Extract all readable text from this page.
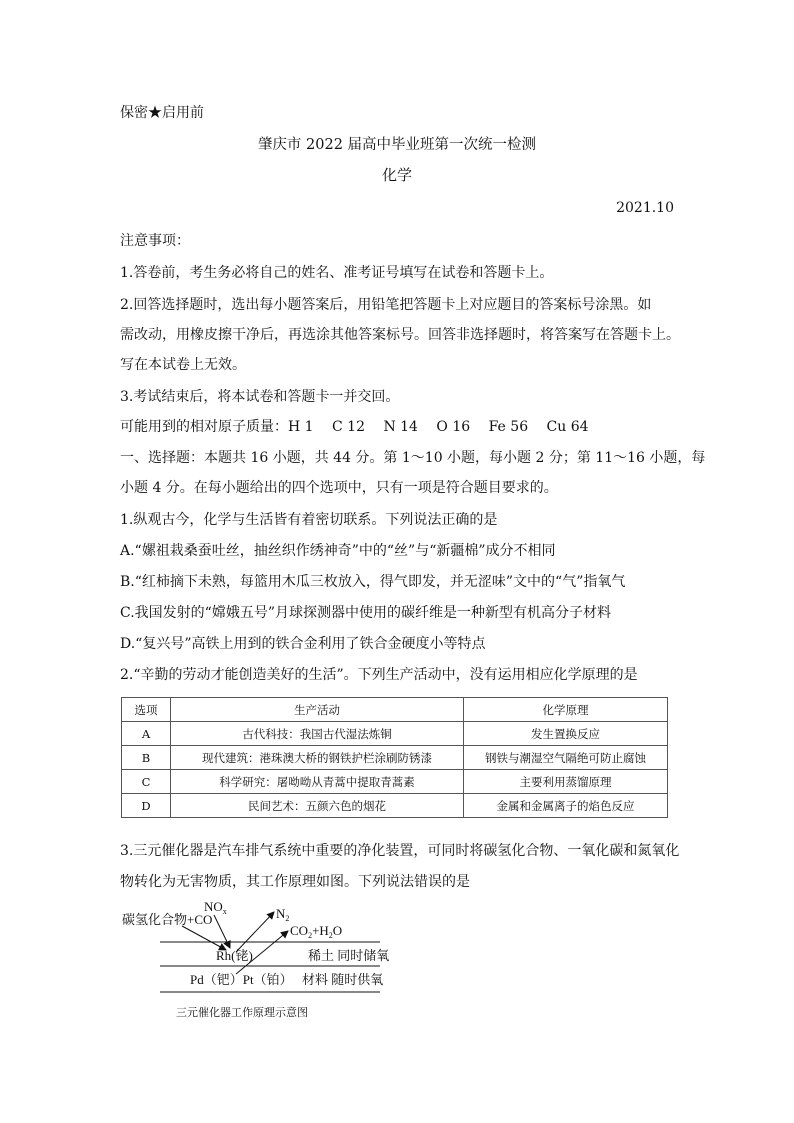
保密★启用前
肇庆市 2022 届高中毕业班第一次统一检测
化学
2021.10
注意事项：
1.答卷前，考生务必将自己的姓名、准考证号填写在试卷和答题卡上。
2.回答选择题时，选出每小题答案后，用铅笔把答题卡上对应题目的答案标号涂黑。如
需改动，用橡皮擦干净后，再选涂其他答案标号。回答非选择题时，将答案写在答题卡上。
写在本试卷上无效。
3.考试结束后，将本试卷和答题卡一并交回。
可能用到的相对原子质量：H 1　 C 12　 N 14　 O 16　 Fe 56　 Cu 64
一、选择题：本题共 16 小题，共 44 分。第 1～10 小题，每小题 2 分；第 11～16 小题，每
小题 4 分。在每小题给出的四个选项中，只有一项是符合题目要求的。
1.纵观古今，化学与生活皆有着密切联系。下列说法正确的是
A.“嫘祖栽桑蚕吐丝，抽丝织作绣神奇”中的“丝”与“新疆棉”成分不相同
B.“红柿摘下未熟，每篮用木瓜三枚放入，得气即发，并无涩味”文中的“气”指氧气
C.我国发射的“嫦娥五号”月球探测器中使用的碳纤维是一种新型有机高分子材料
D.“复兴号”高铁上用到的铁合金利用了铁合金硬度小等特点
2.“辛勤的劳动才能创造美好的生活”。下列生产活动中，没有运用相应化学原理的是
选项	生产活动	化学原理
A	古代科技：我国古代湿法炼铜	发生置换反应
B	现代建筑：港珠澳大桥的钢铁护栏涂刷防锈漆	钢铁与潮湿空气隔绝可防止腐蚀
C	科学研究：屠呦呦从青蒿中提取青蒿素	主要利用蒸馏原理
D	民间艺术：五颜六色的烟花	金属和金属离子的焰色反应
3.三元催化器是汽车排气系统中重要的净化装置，可同时将碳氢化合物、一氧化碳和氮氧化
物转化为无害物质，其工作原理如图。下列说法错误的是
碳氢化合物+CO
$NO_x$	$N_2$
$CO_2+H_2O$
Rh(铑)
Pd（钯）Pt（铂）
稀土 同时储氧
材料 随时供氧
三元催化器工作原理示意图
